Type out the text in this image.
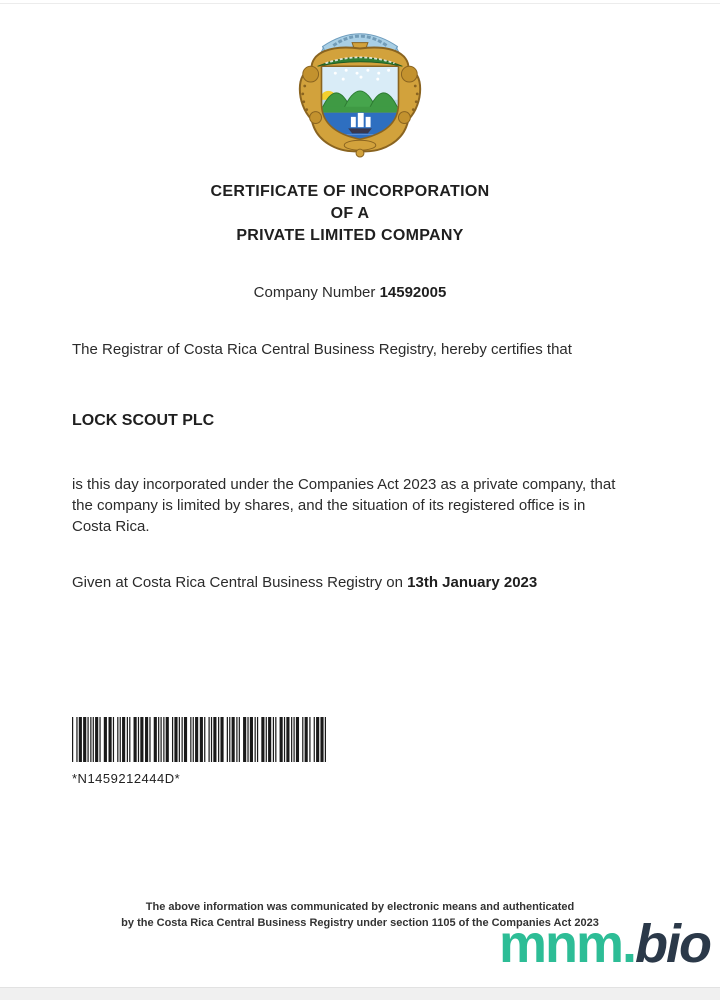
CERTIFICATE OF INCORPORATION
OF A
PRIVATE LIMITED COMPANY
Company Number 14592005

The Registrar of Costa Rica Central Business Registry, hereby certifies that

LOCK SCOUT PLC

is this day incorporated under the Companies Act 2023 as a private company, that the company is limited by shares, and the situation of its registered office is in Costa Rica.

Given at Costa Rica Central Business Registry on 13th January 2023
*N1459212444D*
The above information was communicated by electronic means and authenticated
by the Costa Rica Central Business Registry under section 1105 of the Companies Act 2023
mnm.bio
